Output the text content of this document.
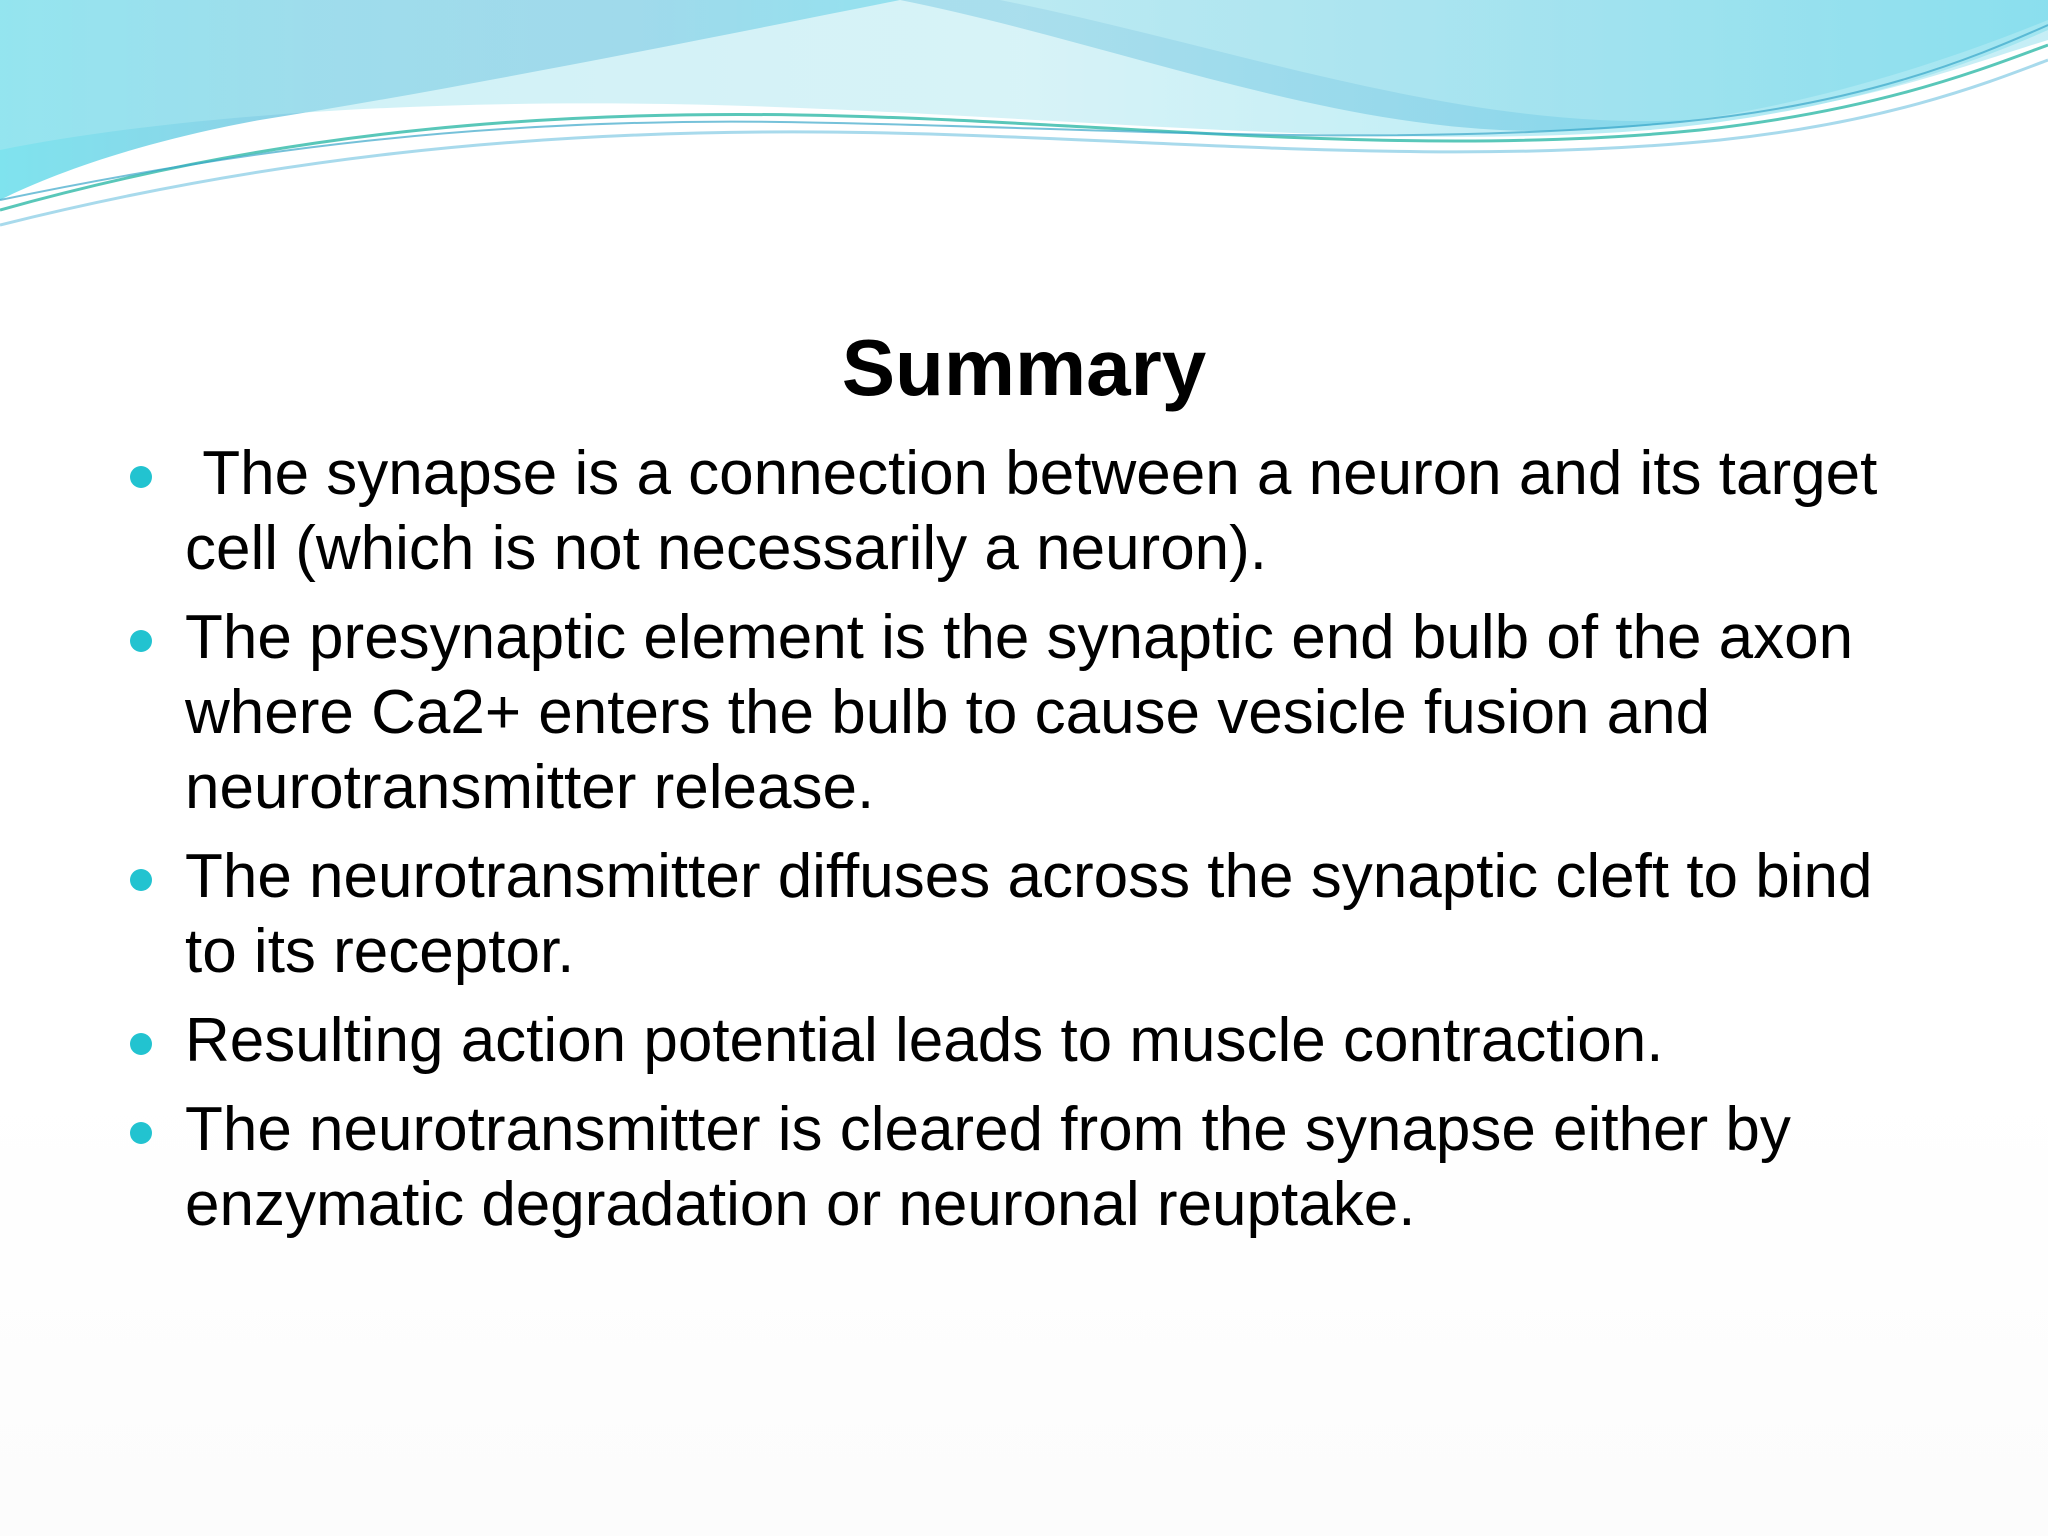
Summary
The synapse is a connection between a neuron and its target cell (which is not necessarily a neuron).
The presynaptic element is the synaptic end bulb of the axon where Ca2+ enters the bulb to cause vesicle fusion and neurotransmitter release.
The neurotransmitter diffuses across the synaptic cleft to bind to its receptor.
Resulting action potential leads to muscle contraction.
The neurotransmitter is cleared from the synapse either by enzymatic degradation or neuronal reuptake.
